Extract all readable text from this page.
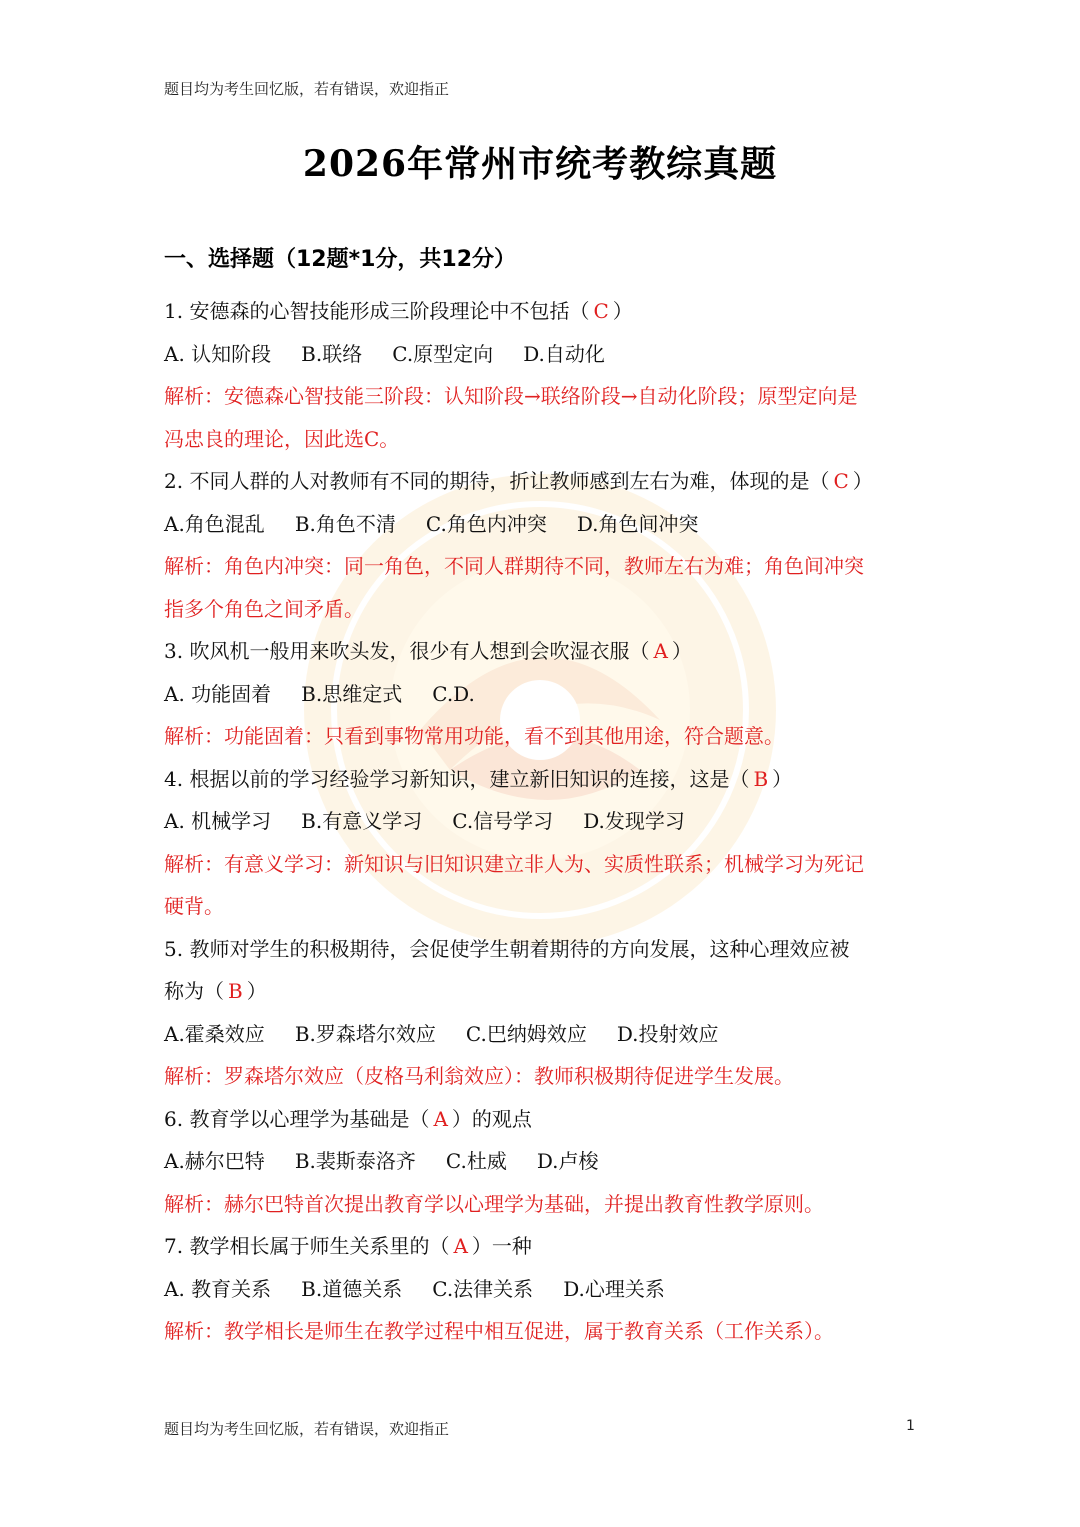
题目均为考生回忆版，若有错误，欢迎指正
2026年常州市统考教综真题
一、选择题（12题*1分，共12分）
1. 安德森的心智技能形成三阶段理论中不包括（ C ）
A. 认知阶段 B.联络 C.原型定向 D.自动化
解析：安德森心智技能三阶段：认知阶段→联络阶段→自动化阶段；原型定向是
冯忠良的理论，因此选C。
2. 不同人群的人对教师有不同的期待，折让教师感到左右为难，体现的是（ C ）
A.角色混乱 B.角色不清 C.角色内冲突 D.角色间冲突
解析：角色内冲突：同一角色，不同人群期待不同，教师左右为难；角色间冲突
指多个角色之间矛盾。
3. 吹风机一般用来吹头发，很少有人想到会吹湿衣服（ A ）
A. 功能固着 B.思维定式 C.D.
解析：功能固着：只看到事物常用功能，看不到其他用途，符合题意。
4. 根据以前的学习经验学习新知识，建立新旧知识的连接，这是（ B ）
A. 机械学习 B.有意义学习 C.信号学习 D.发现学习
解析：有意义学习：新知识与旧知识建立非人为、实质性联系；机械学习为死记
硬背。
5. 教师对学生的积极期待，会促使学生朝着期待的方向发展，这种心理效应被
称为（ B ）
A.霍桑效应 B.罗森塔尔效应 C.巴纳姆效应 D.投射效应
解析：罗森塔尔效应（皮格马利翁效应）：教师积极期待促进学生发展。
6. 教育学以心理学为基础是（ A ）的观点
A.赫尔巴特 B.裴斯泰洛齐 C.杜威 D.卢梭
解析：赫尔巴特首次提出教育学以心理学为基础，并提出教育性教学原则。
7. 教学相长属于师生关系里的（ A ）一种
A. 教育关系 B.道德关系 C.法律关系 D.心理关系
解析：教学相长是师生在教学过程中相互促进，属于教育关系（工作关系）。
题目均为考生回忆版，若有错误，欢迎指正	1
